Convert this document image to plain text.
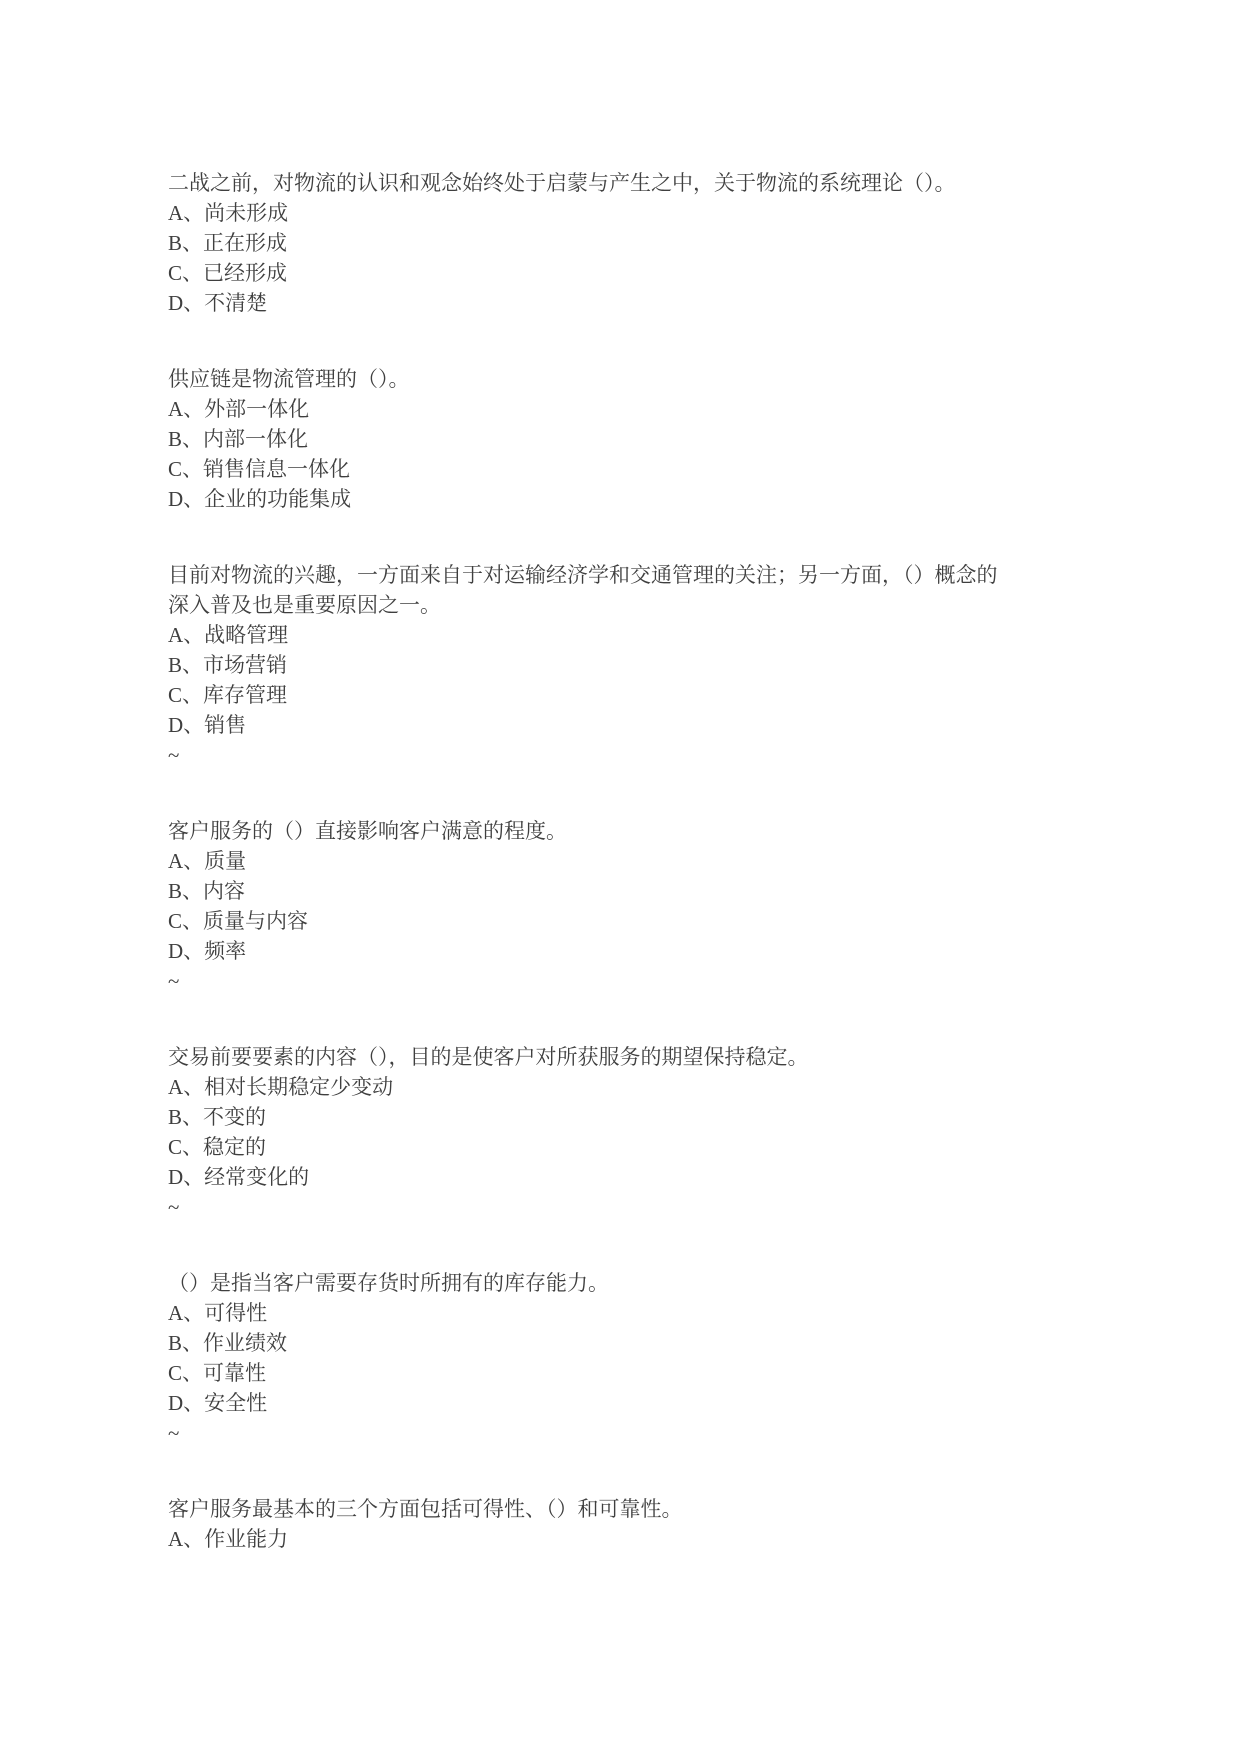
二战之前，对物流的认识和观念始终处于启蒙与产生之中，关于物流的系统理论（）。

A、尚未形成

B、正在形成

C、已经形成

D、不清楚

供应链是物流管理的（）。

A、外部一体化

B、内部一体化

C、销售信息一体化

D、企业的功能集成

目前对物流的兴趣，一方面来自于对运输经济学和交通管理的关注；另一方面，（）概念的深入普及也是重要原因之一。

A、战略管理

B、市场营销

C、库存管理

D、销售

~

客户服务的（）直接影响客户满意的程度。

A、质量

B、内容

C、质量与内容

D、频率

~

交易前要要素的内容（），目的是使客户对所获服务的期望保持稳定。

A、相对长期稳定少变动

B、不变的

C、稳定的

D、经常变化的

~

（）是指当客户需要存货时所拥有的库存能力。

A、可得性

B、作业绩效

C、可靠性

D、安全性

~

客户服务最基本的三个方面包括可得性、（）和可靠性。

A、作业能力
